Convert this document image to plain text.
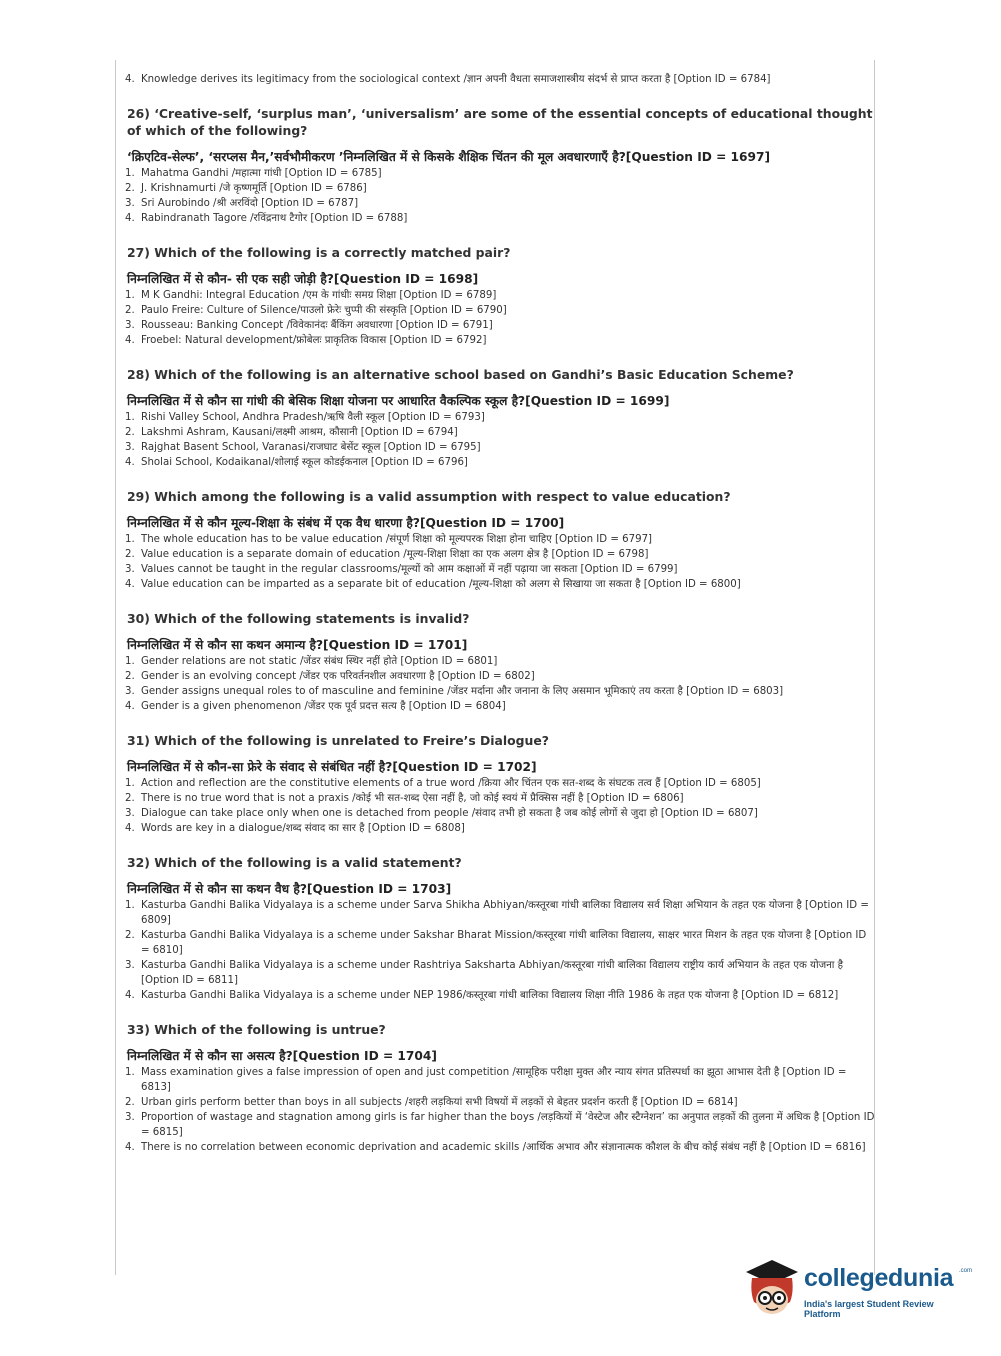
4. Knowledge derives its legitimacy from the sociological context /ज्ञान अपनी वैधता समाजशास्त्रीय संदर्भ से प्राप्त करता है [Option ID = 6784]
26) ‘Creative-self, ‘surplus man’, ‘universalism’ are some of the essential concepts of educational thought of which of the following?
‘क्रिएटिव-सेल्फ’, ‘सरप्लस मैन,’सर्वभौमीकरण ’निम्नलिखित में से किसके शैक्षिक चिंतन की मूल अवधारणाएँ है?[Question ID = 1697]
1. Mahatma Gandhi /महात्मा गांधी [Option ID = 6785]
2. J. Krishnamurti /जे कृष्णमूर्ति [Option ID = 6786]
3. Sri Aurobindo /श्री अरविंदो [Option ID = 6787]
4. Rabindranath Tagore /रविंद्रनाथ टैगोर [Option ID = 6788]
27) Which of the following is a correctly matched pair?
निम्नलिखित में से कौन- सी एक सही जोड़ी है?[Question ID = 1698]
1. M K Gandhi: Integral Education /एम के गांधीः समग्र शिक्षा [Option ID = 6789]
2. Paulo Freire: Culture of Silence/पाउलो फ्रेरेः चुप्पी की संस्कृति [Option ID = 6790]
3. Rousseau: Banking Concept /विवेकानंदः बैंकिंग अवधारणा [Option ID = 6791]
4. Froebel: Natural development/फ्रोबेलः प्राकृतिक विकास [Option ID = 6792]
28) Which of the following is an alternative school based on Gandhi’s Basic Education Scheme?
निम्नलिखित में से कौन सा गांधी की बेसिक शिक्षा योजना पर आधारित वैकल्पिक स्कूल है?[Question ID = 1699]
1. Rishi Valley School, Andhra Pradesh/ऋषि वैली स्कूल [Option ID = 6793]
2. Lakshmi Ashram, Kausani/लक्ष्मी आश्रम, कौसानी [Option ID = 6794]
3. Rajghat Basent School, Varanasi/राजघाट बेसेंट स्कूल [Option ID = 6795]
4. Sholai School, Kodaikanal/शोलाई स्कूल कोडईकनाल [Option ID = 6796]
29) Which among the following is a valid assumption with respect to value education?
निम्नलिखित में से कौन मूल्य-शिक्षा के संबंध में एक वैध धारणा है?[Question ID = 1700]
1. The whole education has to be value education /संपूर्ण शिक्षा को मूल्यपरक शिक्षा होना चाहिए [Option ID = 6797]
2. Value education is a separate domain of education /मूल्य-शिक्षा शिक्षा का एक अलग क्षेत्र है [Option ID = 6798]
3. Values cannot be taught in the regular classrooms/मूल्यों को आम कक्षाओं में नहीं पढ़ाया जा सकता [Option ID = 6799]
4. Value education can be imparted as a separate bit of education /मूल्य-शिक्षा को अलग से सिखाया जा सकता है [Option ID = 6800]
30) Which of the following statements is invalid?
निम्नलिखित में से कौन सा कथन अमान्य है?[Question ID = 1701]
1. Gender relations are not static /जेंडर संबंध स्थिर नहीं होते [Option ID = 6801]
2. Gender is an evolving concept /जेंडर एक परिवर्तनशील अवधारणा है [Option ID = 6802]
3. Gender assigns unequal roles to of masculine and feminine /जेंडर मर्दाना और जनाना के लिए असमान भूमिकाएं तय करता है [Option ID = 6803]
4. Gender is a given phenomenon /जेंडर एक पूर्व प्रदत्त सत्य है [Option ID = 6804]
31) Which of the following is unrelated to Freire’s Dialogue?
निम्नलिखित में से कौन-सा फ्रेरे के संवाद से संबंधित नहीं है?[Question ID = 1702]
1. Action and reflection are the constitutive elements of a true word /क्रिया और चिंतन एक सत-शब्द के संघटक तत्व हैं [Option ID = 6805]
2. There is no true word that is not a praxis /कोई भी सत-शब्द ऐसा नहीं है, जो कोई स्वयं में प्रैक्सिस नहीं है [Option ID = 6806]
3. Dialogue can take place only when one is detached from people /संवाद तभी हो सकता है जब कोई लोगों से जुदा हो [Option ID = 6807]
4. Words are key in a dialogue/शब्द संवाद का सार है [Option ID = 6808]
32) Which of the following is a valid statement?
निम्नलिखित में से कौन सा कथन वैध है?[Question ID = 1703]
1. Kasturba Gandhi Balika Vidyalaya is a scheme under Sarva Shikha Abhiyan/कस्तूरबा गांधी बालिका विद्यालय सर्व शिक्षा अभियान के तहत एक योजना है [Option ID = 6809]
2. Kasturba Gandhi Balika Vidyalaya is a scheme under Sakshar Bharat Mission/कस्तूरबा गांधी बालिका विद्यालय, साक्षर भारत मिशन के तहत एक योजना है [Option ID = 6810]
3. Kasturba Gandhi Balika Vidyalaya is a scheme under Rashtriya Saksharta Abhiyan/कस्तूरबा गांधी बालिका विद्यालय राष्ट्रीय कार्य अभियान के तहत एक योजना है [Option ID = 6811]
4. Kasturba Gandhi Balika Vidyalaya is a scheme under NEP 1986/कस्तूरबा गांधी बालिका विद्यालय शिक्षा नीति 1986 के तहत एक योजना है [Option ID = 6812]
33) Which of the following is untrue?
निम्नलिखित में से कौन सा असत्य है?[Question ID = 1704]
1. Mass examination gives a false impression of open and just competition /सामूहिक परीक्षा मुक्त और न्याय संगत प्रतिस्पर्धा का झूठा आभास देती है [Option ID = 6813]
2. Urban girls perform better than boys in all subjects /शहरी लड़कियां सभी विषयों में लड़कों से बेहतर प्रदर्शन करती हैं [Option ID = 6814]
3. Proportion of wastage and stagnation among girls is far higher than the boys /लड़कियों में ‘वेस्टेज और स्टैग्नेशन’ का अनुपात लड़कों की तुलना में अधिक है [Option ID = 6815]
4. There is no correlation between economic deprivation and academic skills /आर्थिक अभाव और संज्ञानात्मक कौशल के बीच कोई संबंध नहीं है [Option ID = 6816]
collegedunia .com
India's largest Student Review Platform
